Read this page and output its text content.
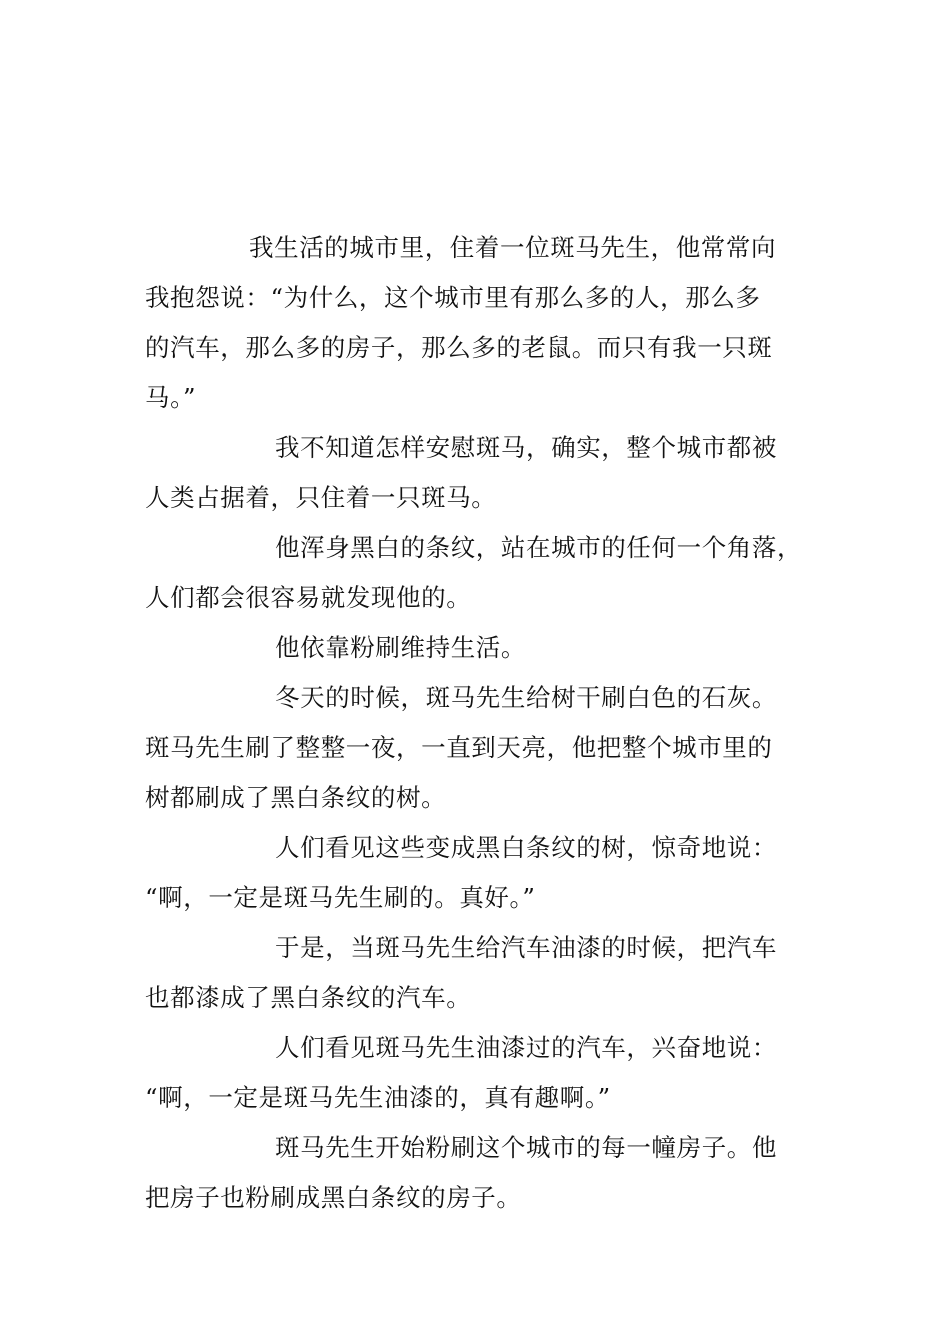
我生活的城市里，住着一位斑马先生，他常常向
我抱怨说：“为什么，这个城市里有那么多的人，那么多
的汽车，那么多的房子，那么多的老鼠。而只有我一只斑
马。”
我不知道怎样安慰斑马，确实，整个城市都被
人类占据着，只住着一只斑马。
他浑身黑白的条纹，站在城市的任何一个角落，
人们都会很容易就发现他的。
他依靠粉刷维持生活。
冬天的时候，斑马先生给树干刷白色的石灰。
斑马先生刷了整整一夜，一直到天亮，他把整个城市里的
树都刷成了黑白条纹的树。
人们看见这些变成黑白条纹的树，惊奇地说：
“啊，一定是斑马先生刷的。真好。”
于是，当斑马先生给汽车油漆的时候，把汽车
也都漆成了黑白条纹的汽车。
人们看见斑马先生油漆过的汽车，兴奋地说：
“啊，一定是斑马先生油漆的，真有趣啊。”
斑马先生开始粉刷这个城市的每一幢房子。他
把房子也粉刷成黑白条纹的房子。
